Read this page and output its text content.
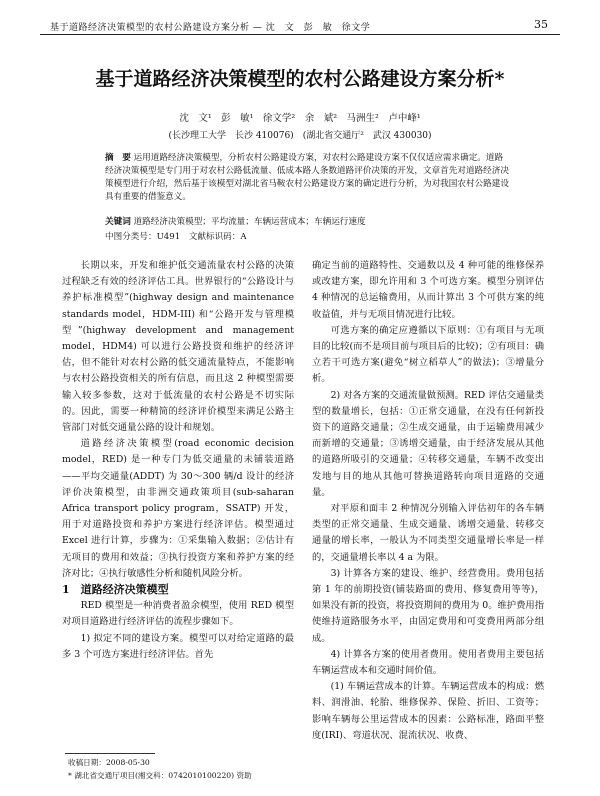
基于道路经济决策模型的农村公路建设方案分析 — 沈　文　彭　敏　徐文学	35
基于道路经济决策模型的农村公路建设方案分析*
沈　文¹　彭　敏¹　徐文学²　余　斌²　马洲生²　卢中峰¹
(长沙理工大学　长沙 410076)　(湖北省交通厅²　武汉 430030)
摘　要 运用道路经济决策模型，分析农村公路建设方案，对农村公路建设方案不仅仅适应需求确定。道路经济决策模型是专门用于对农村公路低流量、低成本路人条数道路评价决策的开发，文章首先对道路经济决策模型进行介绍，然后基于该模型对湖北省马鞍农村公路建设方案的确定进行分析，为对我国农村公路建设具有重要的借鉴意义。
关键词 道路经济决策模型；平均流量；车辆运营成本；车辆运行速度
中图分类号：U491　文献标识码：A

长期以来，开发和维护低交通流量农村公路的决策过程缺乏有效的经济评估工具。世界银行的“公路设计与养护标准模型”(highway design and maintenance standards model，HDM-III) 和“公路开发与管理模型”(highway development and management model，HDM4) 可以进行公路投资和维护的经济评估，但不能针对农村公路的低交通流量特点，不能影响与农村公路投资相关的所有信息，而且这 2 种模型需要输入较多参数，这对于低流量的农村公路是不切实际的。因此，需要一种精简的经济评价模型来满足公路主管部门对低交通量公路的设计和规划。

道路经济决策模型(road economic decision model，RED) 是一种专门为低交通量的未铺装道路——平均交通量(ADDT) 为 30～300 辆/d 设计的经济评价决策模型，由非洲交通政策项目(sub-saharan Africa transport policy program，SSATP) 开发，用于对道路投资和养护方案进行经济评估。模型通过 Excel 进行计算，步骤为：①采集输入数据；②估计有无项目的费用和效益；③执行投资方案和养护方案的经济对比；④执行敏感性分析和随机风险分析。

1　道路经济决策模型

RED 模型是一种消费者盈余模型，使用 RED 模型对项目道路进行经济评估的流程步骤如下。

1) 拟定不同的建设方案。模型可以对给定道路的最多 3 个可选方案进行经济评估。首先

确定当前的道路特性、交通数以及 4 种可能的维修保养或改建方案，即允许用和 3 个可选方案。模型分别评估 4 种情况的总运输费用，从而计算出 3 个可供方案的纯收益值，并与无项目情况进行比较。

可选方案的确定应遵循以下原则：①有项目与无项目的比较(而不是项目前与项目后的比较)；②有项目：确立若干可选方案(避免“树立稻草人”的做法)；③增量分析。

2) 对各方案的交通流量做预测。RED 评估交通量类型的数量增长，包括：①正常交通量，在没有任何新投资下的道路交通量；②生成交通量，由于运输费用减少而新增的交通量；③诱增交通量，由于经济发展从其他的道路所吸引的交通量；④转移交通量，车辆不改变出发地与目的地从其他可替换道路转向项目道路的交通量。

对平原和面丰 2 种情况分别输入评估初年的各车辆类型的正常交通量、生成交通量、诱增交通量、转移交通量的增长率，一般认为不同类型交通量增长率是一样的，交通量增长率以 4 a 为限。

3) 计算各方案的建设、维护、经营费用。费用包括第 1 年的前期投资(铺装路面的费用、修复费用等等)，如果没有新的投资，将投资期间的费用为 0。维护费用指使维持道路服务水平，由固定费用和可变费用两部分组成。

4) 计算各方案的使用者费用。使用者费用主要包括车辆运营成本和交通时间价值。

(1) 车辆运营成本的计算。车辆运营成本的构成：燃料、润滑油、轮胎、维修保养、保险、折旧、工资等；影响车辆每公里运营成本的因素：公路标准，路面平整度(IRI)、弯道状况、混流状况、收费、

收稿日期：2008-05-30
* 湖北省交通厅项目(湘交科：0742010100220) 资助
